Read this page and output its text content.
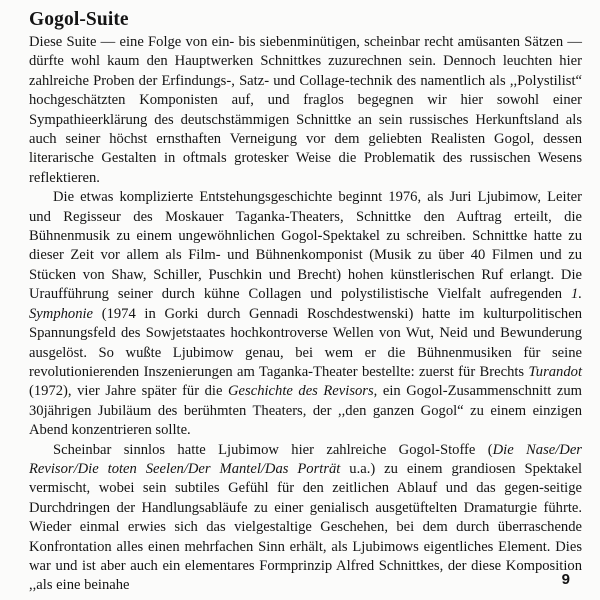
Gogol-Suite

Diese Suite — eine Folge von ein- bis siebenminütigen, scheinbar recht amüsanten Sätzen — dürfte wohl kaum den Hauptwerken Schnittkes zuzurechnen sein. Dennoch leuchten hier zahlreiche Proben der Erfindungs-, Satz- und Collage-technik des namentlich als ,,Polystilist“ hochgeschätzten Komponisten auf, und fraglos begegnen wir hier sowohl einer Sympathieerklärung des deutschstämmigen Schnittke an sein russisches Herkunftsland als auch seiner höchst ernsthaften Verneigung vor dem geliebten Realisten Gogol, dessen literarische Gestalten in oftmals grotesker Weise die Problematik des russischen Wesens reflektieren.

Die etwas komplizierte Entstehungsgeschichte beginnt 1976, als Juri Ljubimow, Leiter und Regisseur des Moskauer Taganka-Theaters, Schnittke den Auftrag erteilt, die Bühnenmusik zu einem ungewöhnlichen Gogol-Spektakel zu schreiben. Schnittke hatte zu dieser Zeit vor allem als Film- und Bühnenkomponist (Musik zu über 40 Filmen und zu Stücken von Shaw, Schiller, Puschkin und Brecht) hohen künstlerischen Ruf erlangt. Die Uraufführung seiner durch kühne Collagen und polystilistische Vielfalt aufregenden 1. Symphonie (1974 in Gorki durch Gennadi Roschdestwenski) hatte im kulturpolitischen Spannungsfeld des Sowjetstaates hochkontroverse Wellen von Wut, Neid und Bewunderung ausgelöst. So wußte Ljubimow genau, bei wem er die Bühnenmusiken für seine revolutionierenden Inszenierungen am Taganka-Theater bestellte: zuerst für Brechts Turandot (1972), vier Jahre später für die Geschichte des Revisors, ein Gogol-Zusammenschnitt zum 30jährigen Jubiläum des berühmten Theaters, der ,,den ganzen Gogol“ zu einem einzigen Abend konzentrieren sollte.

Scheinbar sinnlos hatte Ljubimow hier zahlreiche Gogol-Stoffe (Die Nase/Der Revisor/Die toten Seelen/Der Mantel/Das Porträt u.a.) zu einem grandiosen Spektakel vermischt, wobei sein subtiles Gefühl für den zeitlichen Ablauf und das gegen-seitige Durchdringen der Handlungsabläufe zu einer genialisch ausgetüftelten Dramaturgie führte. Wieder einmal erwies sich das vielgestaltige Geschehen, bei dem durch überraschende Konfrontation alles einen mehrfachen Sinn erhält, als Ljubimows eigentliches Element. Dies war und ist aber auch ein elementares Formprinzip Alfred Schnittkes, der diese Komposition ,,als eine beinahe	9
